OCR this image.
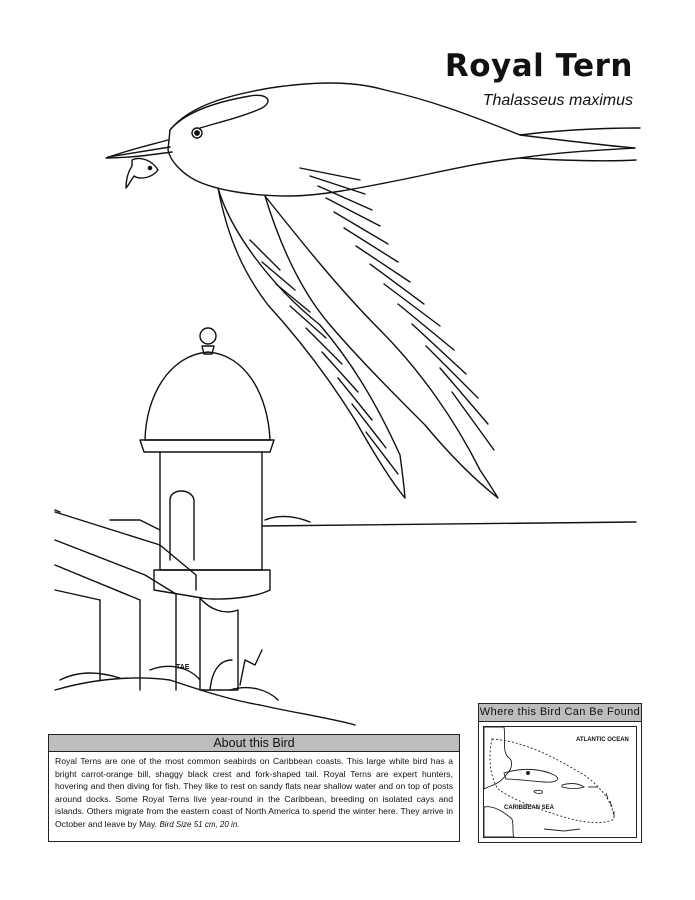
Royal Tern
Thalasseus maximus
TAE
Where this Bird Can Be Found
ATLANTIC OCEAN
CARIBBEAN SEA
About this Bird
Royal Terns are one of the most common seabirds on Caribbean coasts. This large white bird has a bright carrot-orange bill, shaggy black crest and fork-shaped tail. Royal Terns are expert hunters, hovering and then diving for fish. They like to rest on sandy flats near shallow water and on top of posts around docks. Some Royal Terns live year-round in the Caribbean, breeding on isolated cays and islands. Others migrate from the eastern coast of North America to spend the winter here. They arrive in October and leave by May. Bird Size 51 cm, 20 in.
